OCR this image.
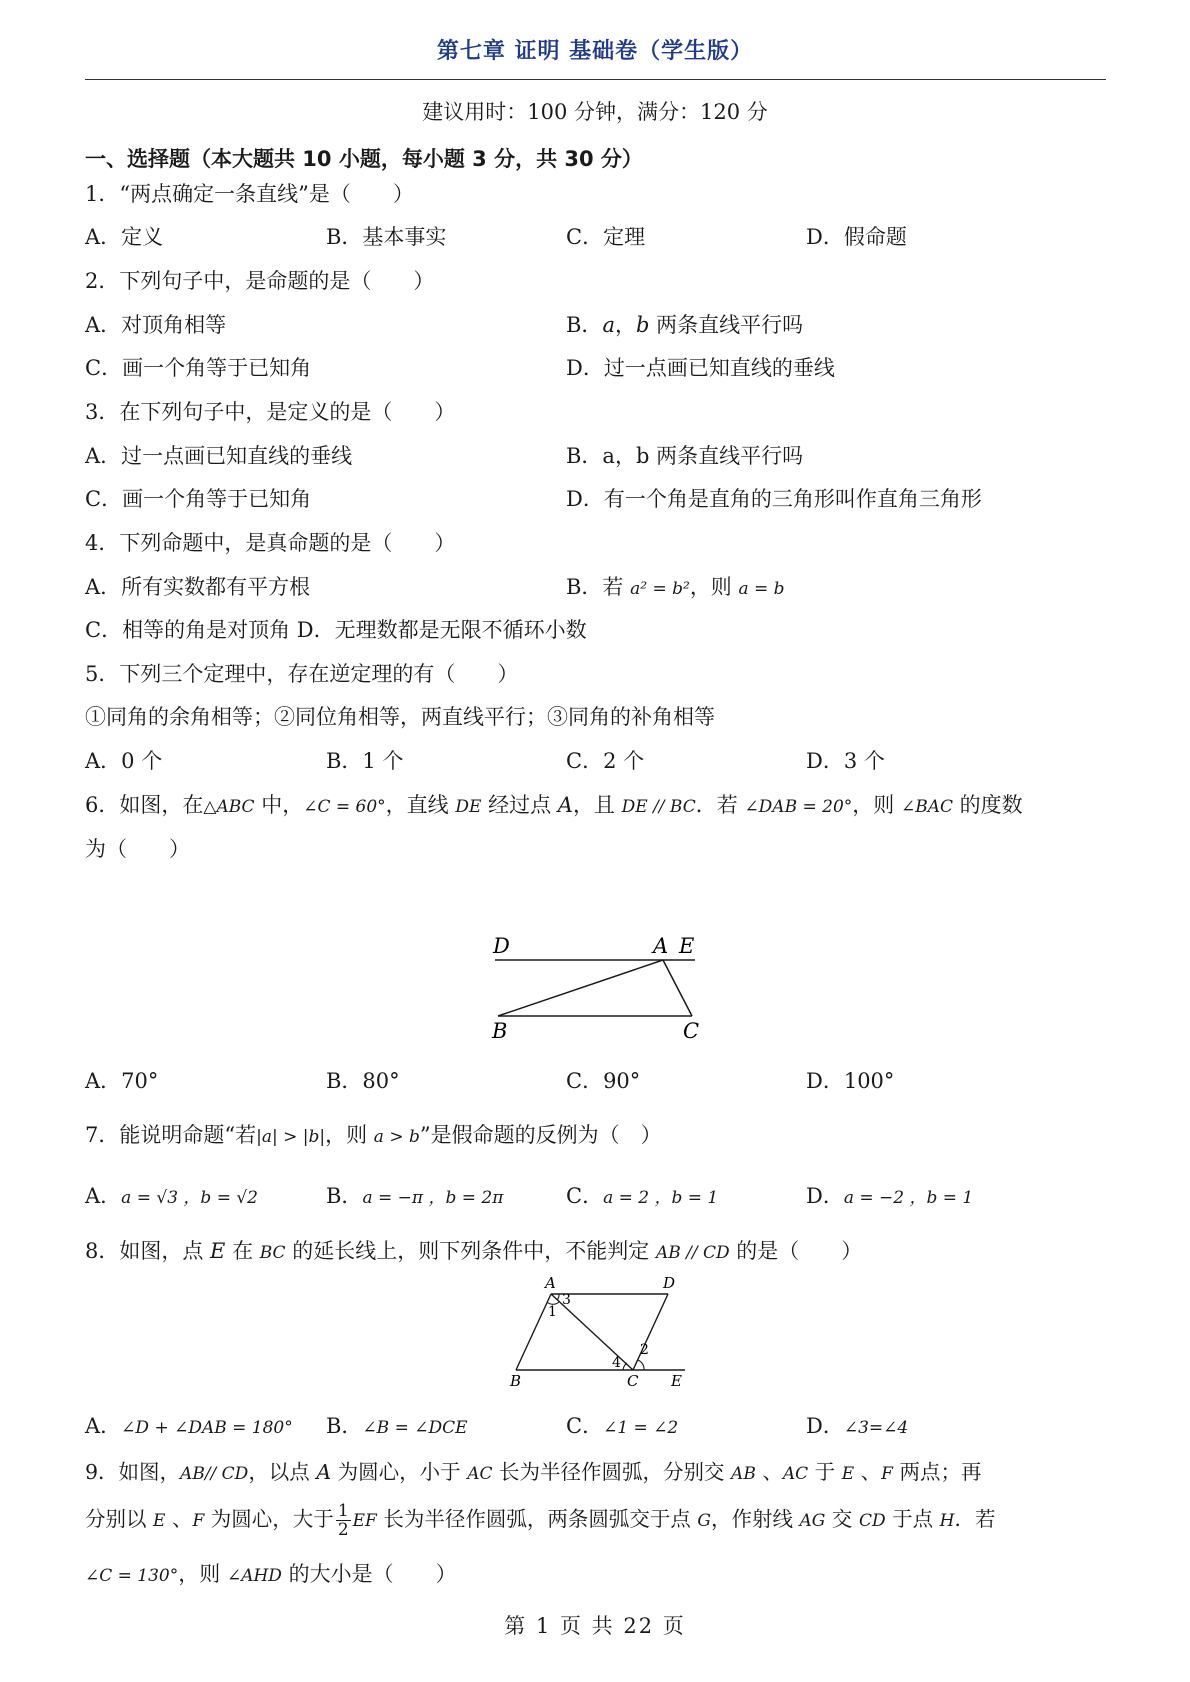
第七章 证明 基础卷（学生版）
建议用时：100 分钟，满分：120 分
一、选择题（本大题共 10 小题，每小题 3 分，共 30 分）
1．“两点确定一条直线”是（　　）
A．定义	B．基本事实	C．定理	D．假命题
2．下列句子中，是命题的是（　　）
A．对顶角相等	B．a，b 两条直线平行吗
C．画一个角等于已知角	D．过一点画已知直线的垂线
3．在下列句子中，是定义的是（　　）
A．过一点画已知直线的垂线	B．a，b 两条直线平行吗
C．画一个角等于已知角	D．有一个角是直角的三角形叫作直角三角形
4．下列命题中，是真命题的是（　　）
A．所有实数都有平方根	B．若 a² = b²，则 a = b
C．相等的角是对顶角 D．无理数都是无限不循环小数
5．下列三个定理中，存在逆定理的有（　　）
①同角的余角相等；②同位角相等，两直线平行；③同角的补角相等
A．0 个	B．1 个	C．2 个	D．3 个
6．如图，在△ABC 中，∠C = 60°，直线 DE 经过点 A，且 DE // BC．若 ∠DAB = 20°，则 ∠BAC 的度数
为（　　）
D	A E
B	C
A．70°	B．80°	C．90°	D．100°
7．能说明命题“若|a| > |b|，则 a > b”是假命题的反例为（　）
A．a = √3 ，b = √2	B．a = −π ，b = 2π	C．a = 2 ，b = 1	D．a = −2 ，b = 1
8．如图，点 E 在 BC 的延长线上，则下列条件中，不能判定 AB // CD 的是（　　）
A	D
B	C E
1
2
3
4
A．∠D + ∠DAB = 180° B．∠B = ∠DCE	C．∠1 = ∠2	D．∠3=∠4
9．如图，AB// CD，以点 A 为圆心，小于 AC 长为半径作圆弧，分别交 AB 、AC 于 E 、F 两点；再
分别以 E 、F 为圆心，大于 $\frac{1}{2}$ EF 长为半径作圆弧，两条圆弧交于点 G，作射线 AG 交 CD 于点 H．若
∠C = 130°，则 ∠AHD 的大小是（　　）
第 1 页 共 22 页
